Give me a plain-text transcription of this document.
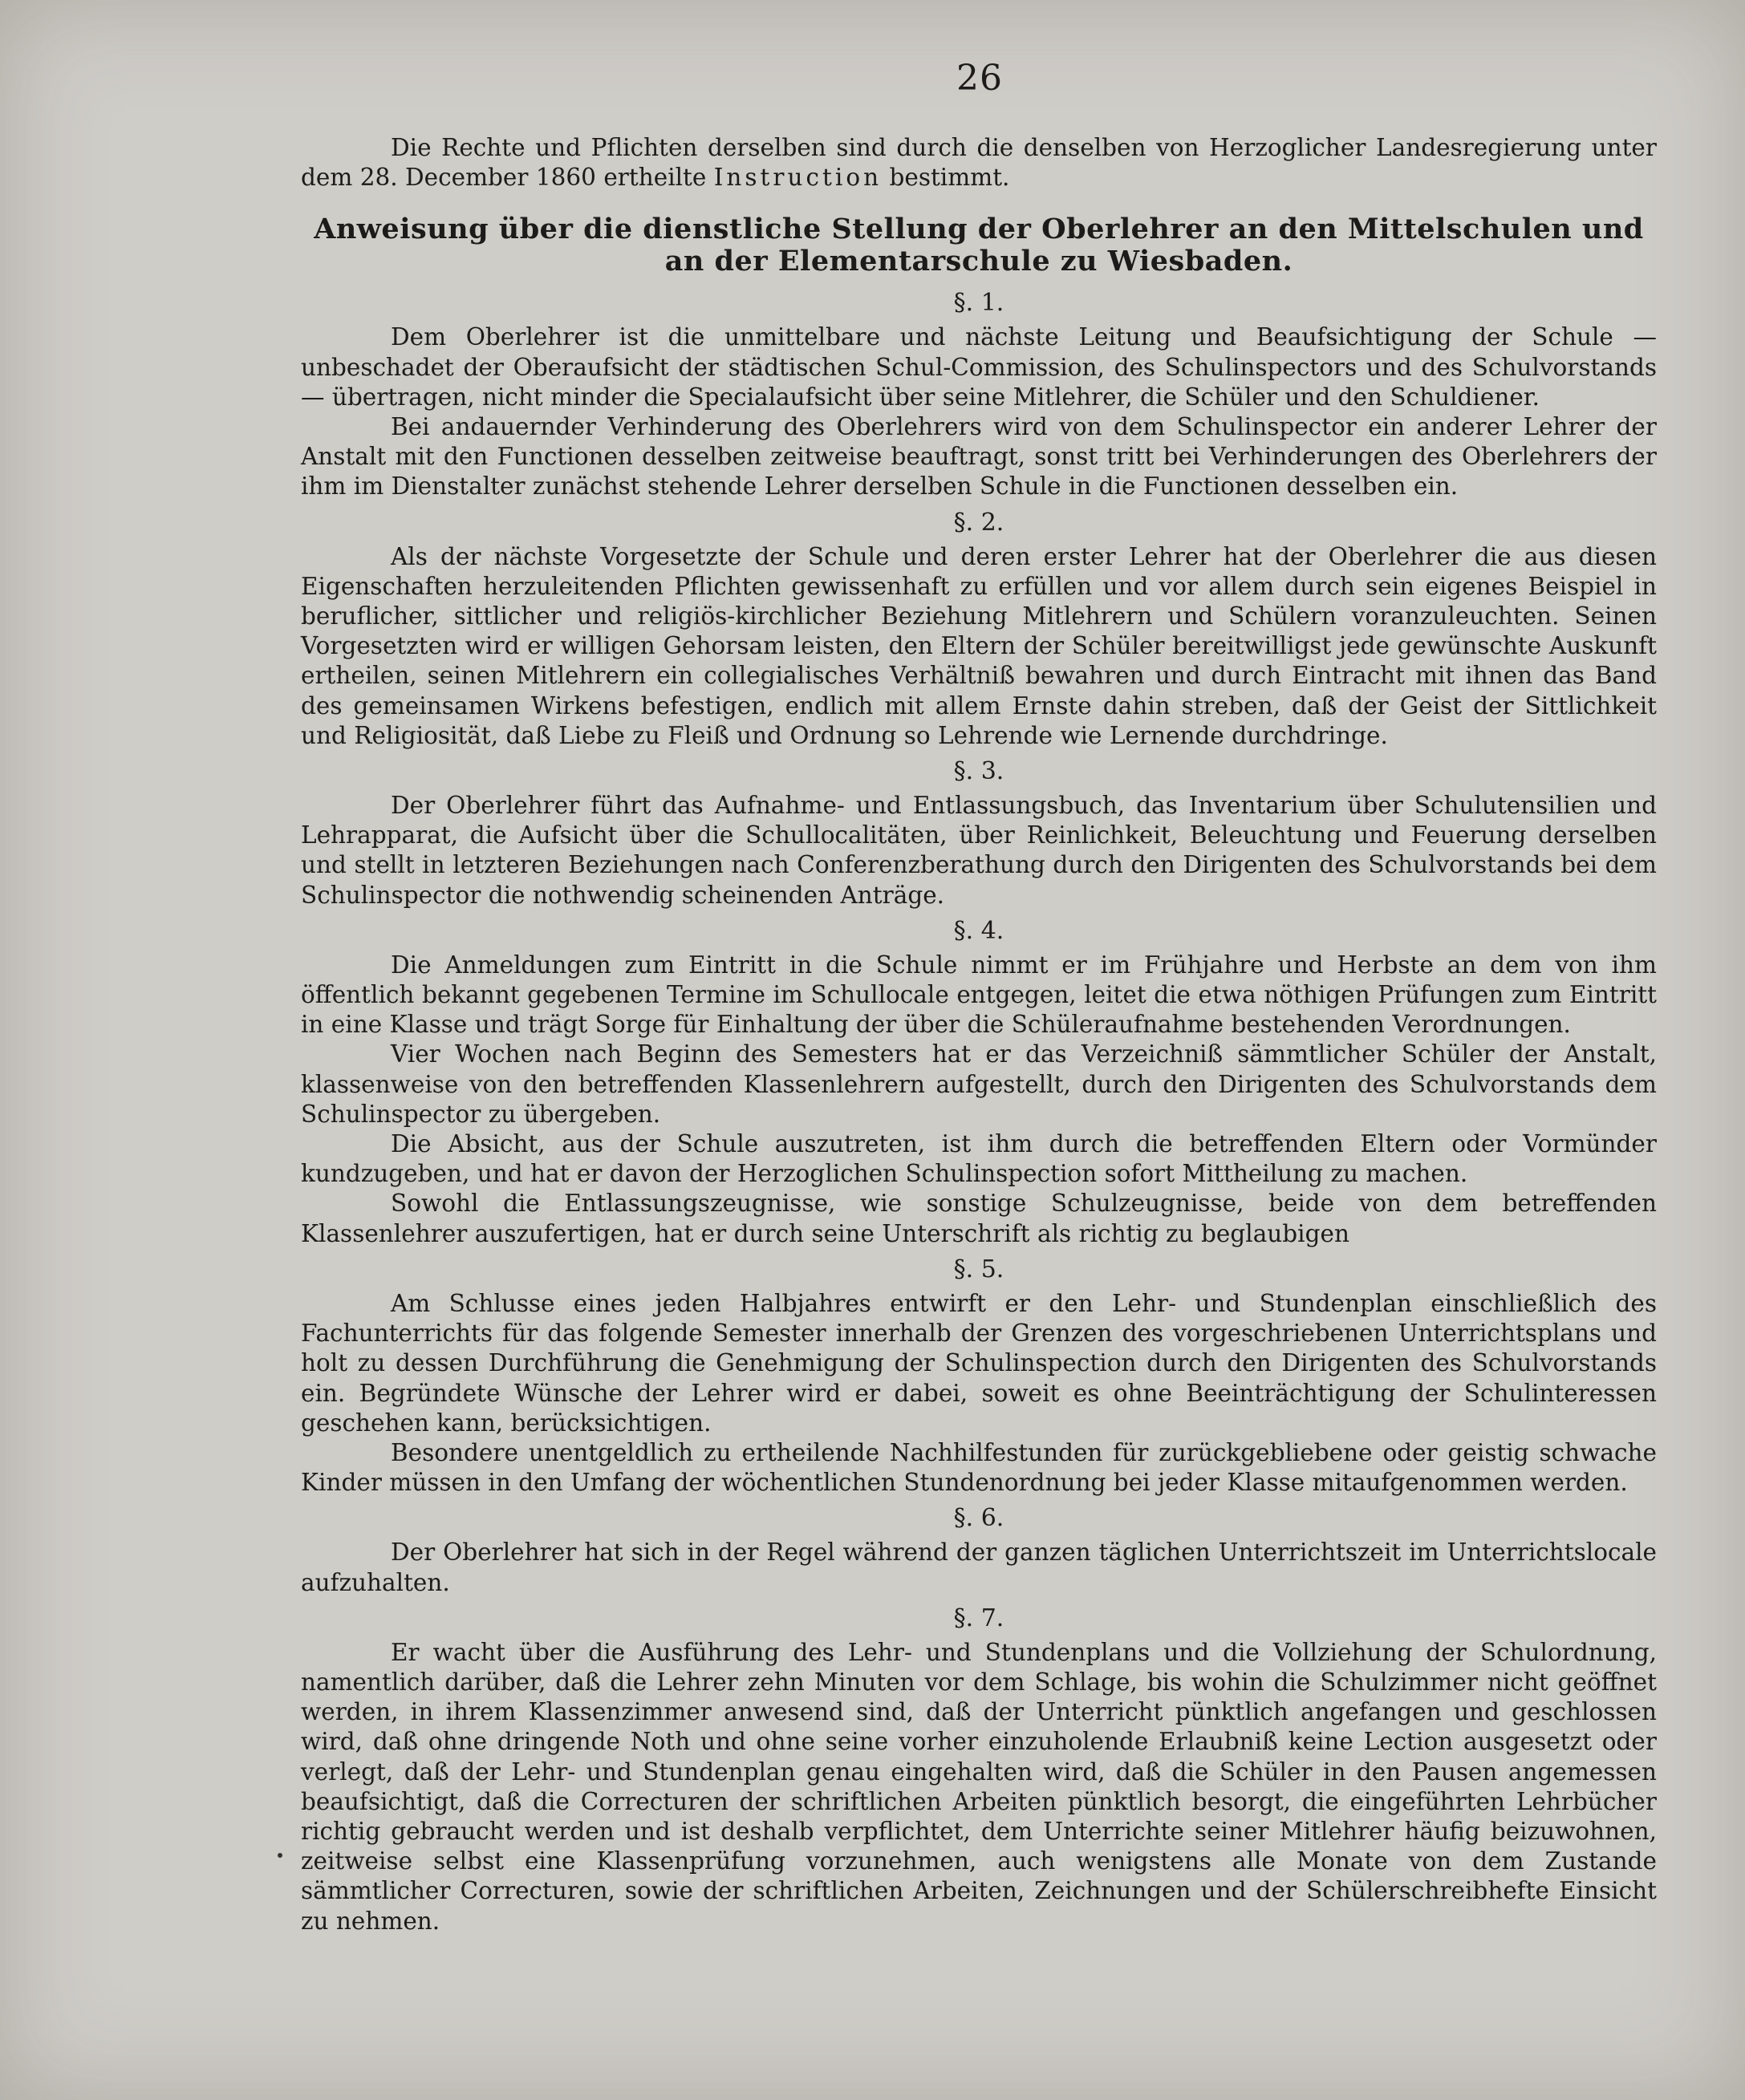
26

Die Rechte und Pflichten derselben sind durch die denselben von Herzoglicher Landesregierung unter dem 28. December 1860 ertheilte Instruction bestimmt.

Anweisung über die dienstliche Stellung der Oberlehrer an den Mittelschulen und an der Elementarschule zu Wiesbaden.
§. 1.

Dem Oberlehrer ist die unmittelbare und nächste Leitung und Beaufsichtigung der Schule — unbeschadet der Oberaufsicht der städtischen Schul-Commission, des Schulinspectors und des Schulvorstands — übertragen, nicht minder die Specialaufsicht über seine Mitlehrer, die Schüler und den Schuldiener.

Bei andauernder Verhinderung des Oberlehrers wird von dem Schulinspector ein anderer Lehrer der Anstalt mit den Functionen desselben zeitweise beauftragt, sonst tritt bei Verhinderungen des Oberlehrers der ihm im Dienstalter zunächst stehende Lehrer derselben Schule in die Functionen desselben ein.

§. 2.

Als der nächste Vorgesetzte der Schule und deren erster Lehrer hat der Oberlehrer die aus diesen Eigenschaften herzuleitenden Pflichten gewissenhaft zu erfüllen und vor allem durch sein eigenes Beispiel in beruflicher, sittlicher und religiös-kirchlicher Beziehung Mitlehrern und Schülern voranzuleuchten. Seinen Vorgesetzten wird er willigen Gehorsam leisten, den Eltern der Schüler bereitwilligst jede gewünschte Auskunft ertheilen, seinen Mitlehrern ein collegialisches Verhältniß bewahren und durch Eintracht mit ihnen das Band des gemeinsamen Wirkens befestigen, endlich mit allem Ernste dahin streben, daß der Geist der Sittlichkeit und Religiosität, daß Liebe zu Fleiß und Ordnung so Lehrende wie Lernende durchdringe.

§. 3.

Der Oberlehrer führt das Aufnahme- und Entlassungsbuch, das Inventarium über Schulutensilien und Lehrapparat, die Aufsicht über die Schullocalitäten, über Reinlichkeit, Beleuchtung und Feuerung derselben und stellt in letzteren Beziehungen nach Conferenzberathung durch den Dirigenten des Schulvorstands bei dem Schulinspector die nothwendig scheinenden Anträge.

§. 4.

Die Anmeldungen zum Eintritt in die Schule nimmt er im Frühjahre und Herbste an dem von ihm öffentlich bekannt gegebenen Termine im Schullocale entgegen, leitet die etwa nöthigen Prüfungen zum Eintritt in eine Klasse und trägt Sorge für Einhaltung der über die Schüleraufnahme bestehenden Verordnungen.

Vier Wochen nach Beginn des Semesters hat er das Verzeichniß sämmtlicher Schüler der Anstalt, klassenweise von den betreffenden Klassenlehrern aufgestellt, durch den Dirigenten des Schulvorstands dem Schulinspector zu übergeben.

Die Absicht, aus der Schule auszutreten, ist ihm durch die betreffenden Eltern oder Vormünder kundzugeben, und hat er davon der Herzoglichen Schulinspection sofort Mittheilung zu machen.

Sowohl die Entlassungszeugnisse, wie sonstige Schulzeugnisse, beide von dem betreffenden Klassenlehrer auszufertigen, hat er durch seine Unterschrift als richtig zu beglaubigen

§. 5.

Am Schlusse eines jeden Halbjahres entwirft er den Lehr- und Stundenplan einschließlich des Fachunterrichts für das folgende Semester innerhalb der Grenzen des vorgeschriebenen Unterrichtsplans und holt zu dessen Durchführung die Genehmigung der Schulinspection durch den Dirigenten des Schulvorstands ein. Begründete Wünsche der Lehrer wird er dabei, soweit es ohne Beeinträchtigung der Schulinteressen geschehen kann, berücksichtigen.

Besondere unentgeldlich zu ertheilende Nachhilfestunden für zurückgebliebene oder geistig schwache Kinder müssen in den Umfang der wöchentlichen Stundenordnung bei jeder Klasse mitaufgenommen werden.

§. 6.

Der Oberlehrer hat sich in der Regel während der ganzen täglichen Unterrichtszeit im Unterrichtslocale aufzuhalten.

§. 7.

Er wacht über die Ausführung des Lehr- und Stundenplans und die Vollziehung der Schulordnung, namentlich darüber, daß die Lehrer zehn Minuten vor dem Schlage, bis wohin die Schulzimmer nicht geöffnet werden, in ihrem Klassenzimmer anwesend sind, daß der Unterricht pünktlich angefangen und geschlossen wird, daß ohne dringende Noth und ohne seine vorher einzuholende Erlaubniß keine Lection ausgesetzt oder verlegt, daß der Lehr- und Stundenplan genau eingehalten wird, daß die Schüler in den Pausen angemessen beaufsichtigt, daß die Correcturen der schriftlichen Arbeiten pünktlich besorgt, die eingeführten Lehrbücher richtig gebraucht werden und ist deshalb verpflichtet, dem Unterrichte seiner Mitlehrer häufig beizuwohnen, zeitweise selbst eine Klassenprüfung vorzunehmen, auch wenigstens alle Monate von dem Zustande sämmtlicher Correcturen, sowie der schriftlichen Arbeiten, Zeichnungen und der Schülerschreibhefte Einsicht zu nehmen.
